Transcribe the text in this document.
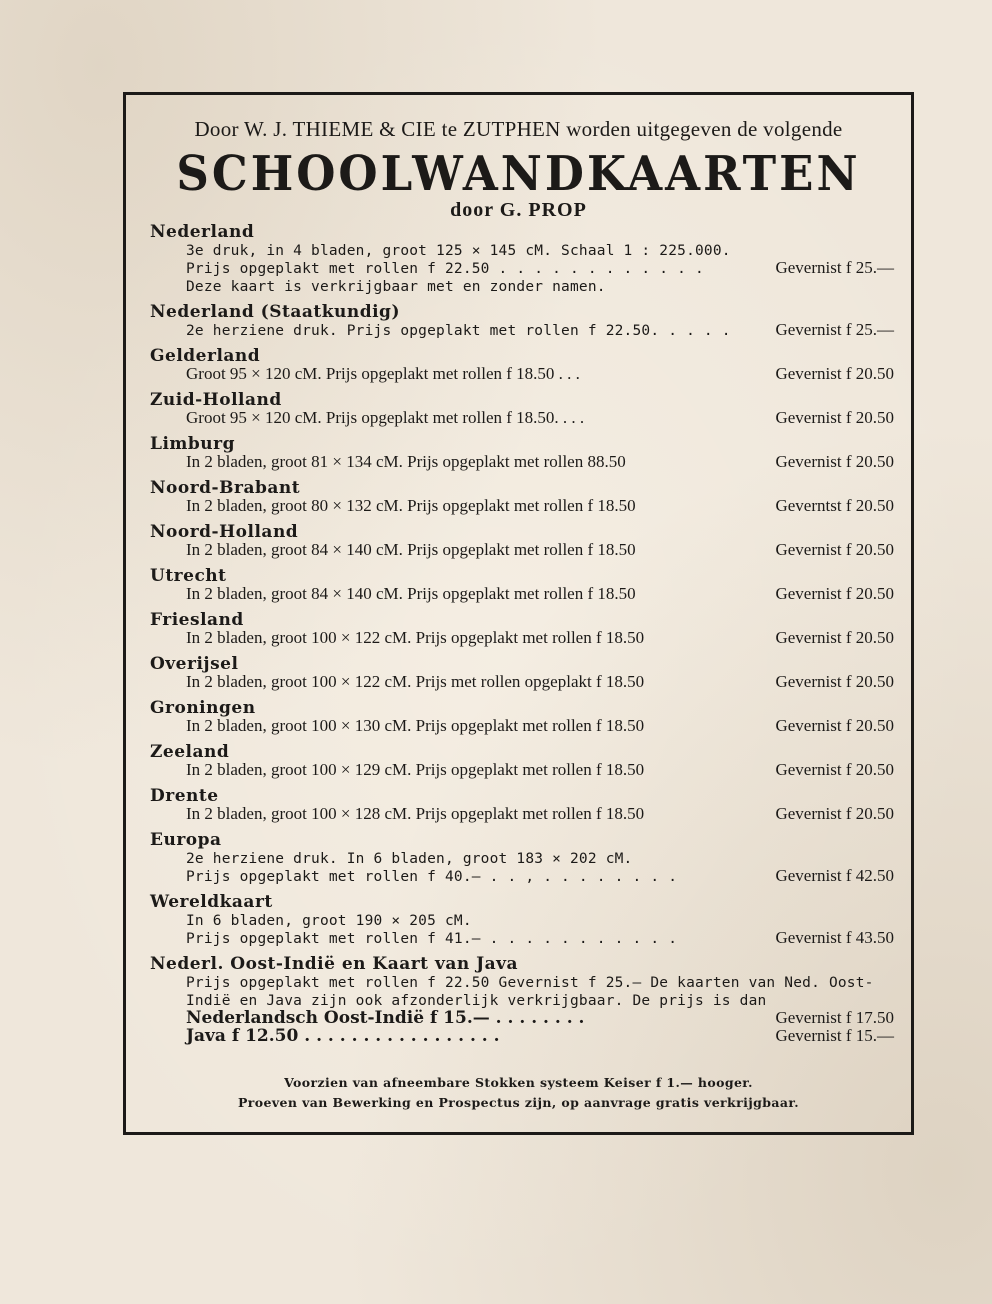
Door W. J. THIEME & CIE te ZUTPHEN worden uitgegeven de volgende
SCHOOLWANDKAARTEN
door G. PROP
Nederland
3e druk, in 4 bladen, groot 125 × 145 cM. Schaal 1 : 225.000.
Prijs opgeplakt met rollen f 22.50 . . . . . . . . . . . .	Gevernist f 25.—
Deze kaart is verkrijgbaar met en zonder namen.
Nederland (Staatkundig)
2e herziene druk. Prijs opgeplakt met rollen f 22.50. . . . .	Gevernist f 25.—
Gelderland
Groot 95 × 120 cM. Prijs opgeplakt met rollen f 18.50 . . .	Gevernist f 20.50
Zuid-Holland
Groot 95 × 120 cM. Prijs opgeplakt met rollen f 18.50. . . .	Gevernist f 20.50
Limburg
In 2 bladen, groot 81 × 134 cM. Prijs opgeplakt met rollen 88.50	Gevernist f 20.50
Noord-Brabant
In 2 bladen, groot 80 × 132 cM. Prijs opgeplakt met rollen f 18.50	Geverntst f 20.50
Noord-Holland
In 2 bladen, groot 84 × 140 cM. Prijs opgeplakt met rollen f 18.50	Gevernist f 20.50
Utrecht
In 2 bladen, groot 84 × 140 cM. Prijs opgeplakt met rollen f 18.50	Gevernist f 20.50
Friesland
In 2 bladen, groot 100 × 122 cM. Prijs opgeplakt met rollen f 18.50	Gevernist f 20.50
Overijsel
In 2 bladen, groot 100 × 122 cM. Prijs met rollen opgeplakt f 18.50	Gevernist f 20.50
Groningen
In 2 bladen, groot 100 × 130 cM. Prijs opgeplakt met rollen f 18.50	Gevernist f 20.50
Zeeland
In 2 bladen, groot 100 × 129 cM. Prijs opgeplakt met rollen f 18.50	Gevernist f 20.50
Drente
In 2 bladen, groot 100 × 128 cM. Prijs opgeplakt met rollen f 18.50	Gevernist f 20.50
Europa
2e herziene druk. In 6 bladen, groot 183 × 202 cM.
Prijs opgeplakt met rollen f 40.— . . , . . . . . . . .	Gevernist f 42.50
Wereldkaart
In 6 bladen, groot 190 × 205 cM.
Prijs opgeplakt met rollen f 41.— . . . . . . . . . . .	Gevernist f 43.50
Nederl. Oost-Indië en Kaart van Java
Prijs opgeplakt met rollen f 22.50 Gevernist f 25.— De kaarten van Ned. Oost-
Indië en Java zijn ook afzonderlijk verkrijgbaar. De prijs is dan
Nederlandsch Oost-Indië f 15.— . . . . . . . .	Gevernist f 17.50
Java f 12.50 . . . . . . . . . . . . . . . . .	Gevernist f 15.—
Voorzien van afneembare Stokken systeem Keiser f 1.— hooger.
Proeven van Bewerking en Prospectus zijn, op aanvrage gratis verkrijgbaar.
